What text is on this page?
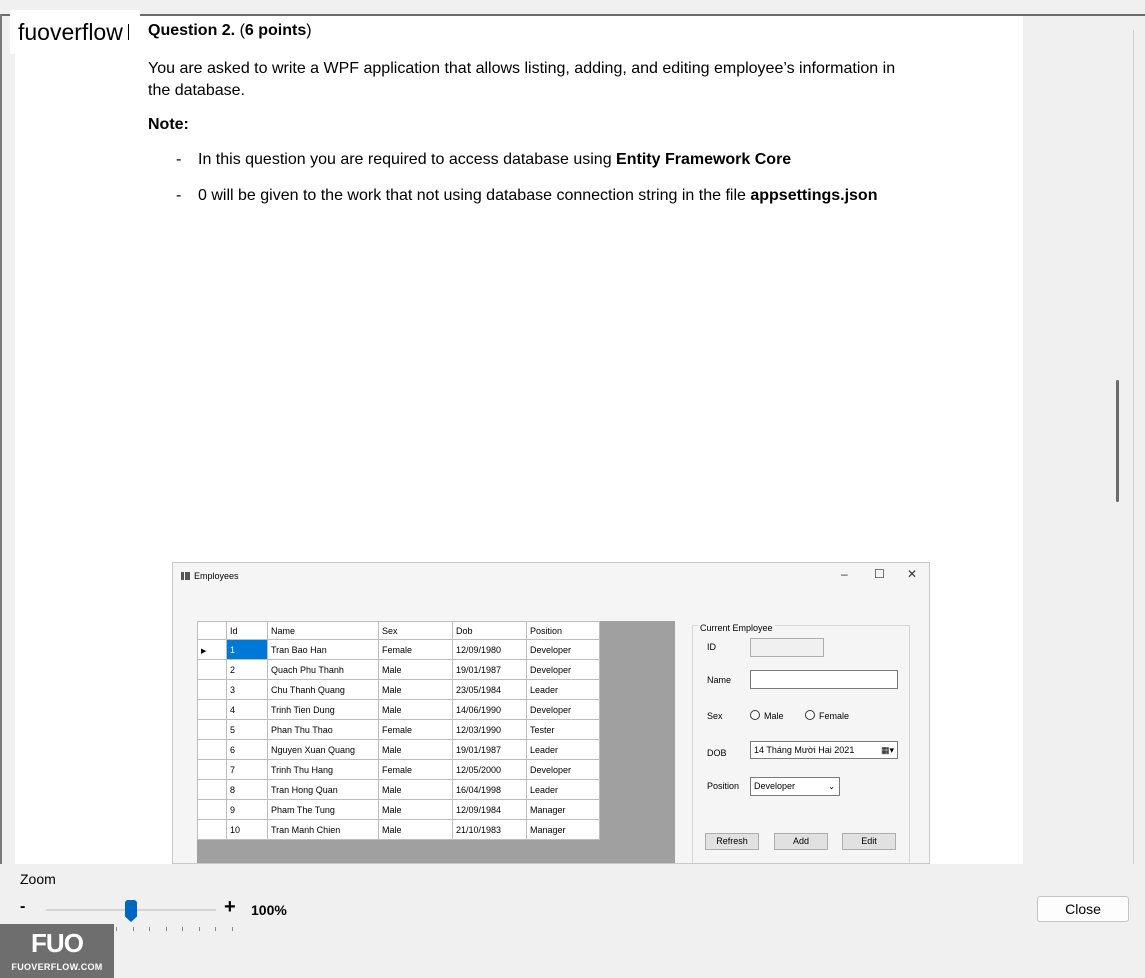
fuoverflow	Question 2. (6 points)
You are asked to write a WPF application that allows listing, adding, and editing employee’s information in the database.
Note:
- In this question you are required to access database using Entity Framework Core
- 0 will be given to the work that not using database connection string in the file appsettings.json
Employees	– ☐ ✕
	Id	Name	Sex	Dob	Position
▶	1	Tran Bao Han	Female	12/09/1980	Developer
	2	Quach Phu Thanh	Male	19/01/1987	Developer
	3	Chu Thanh Quang	Male	23/05/1984	Leader
	4	Trinh Tien Dung	Male	14/06/1990	Developer
	5	Phan Thu Thao	Female	12/03/1990	Tester
	6	Nguyen Xuan Quang	Male	19/01/1987	Leader
	7	Trinh Thu Hang	Female	12/05/2000	Developer
	8	Tran Hong Quan	Male	16/04/1998	Leader
	9	Pham The Tung	Male	12/09/1984	Manager
	10	Tran Manh Chien	Male	21/10/1983	Manager
Current Employee
ID
Name
Sex	Male	Female
DOB	14 Tháng Mười Hai 2021	▦▾
Position	Developer	⌄
Refresh	Add	Edit
Zoom
-	+ 100%	Close
FUO
FUOVERFLOW.COM
